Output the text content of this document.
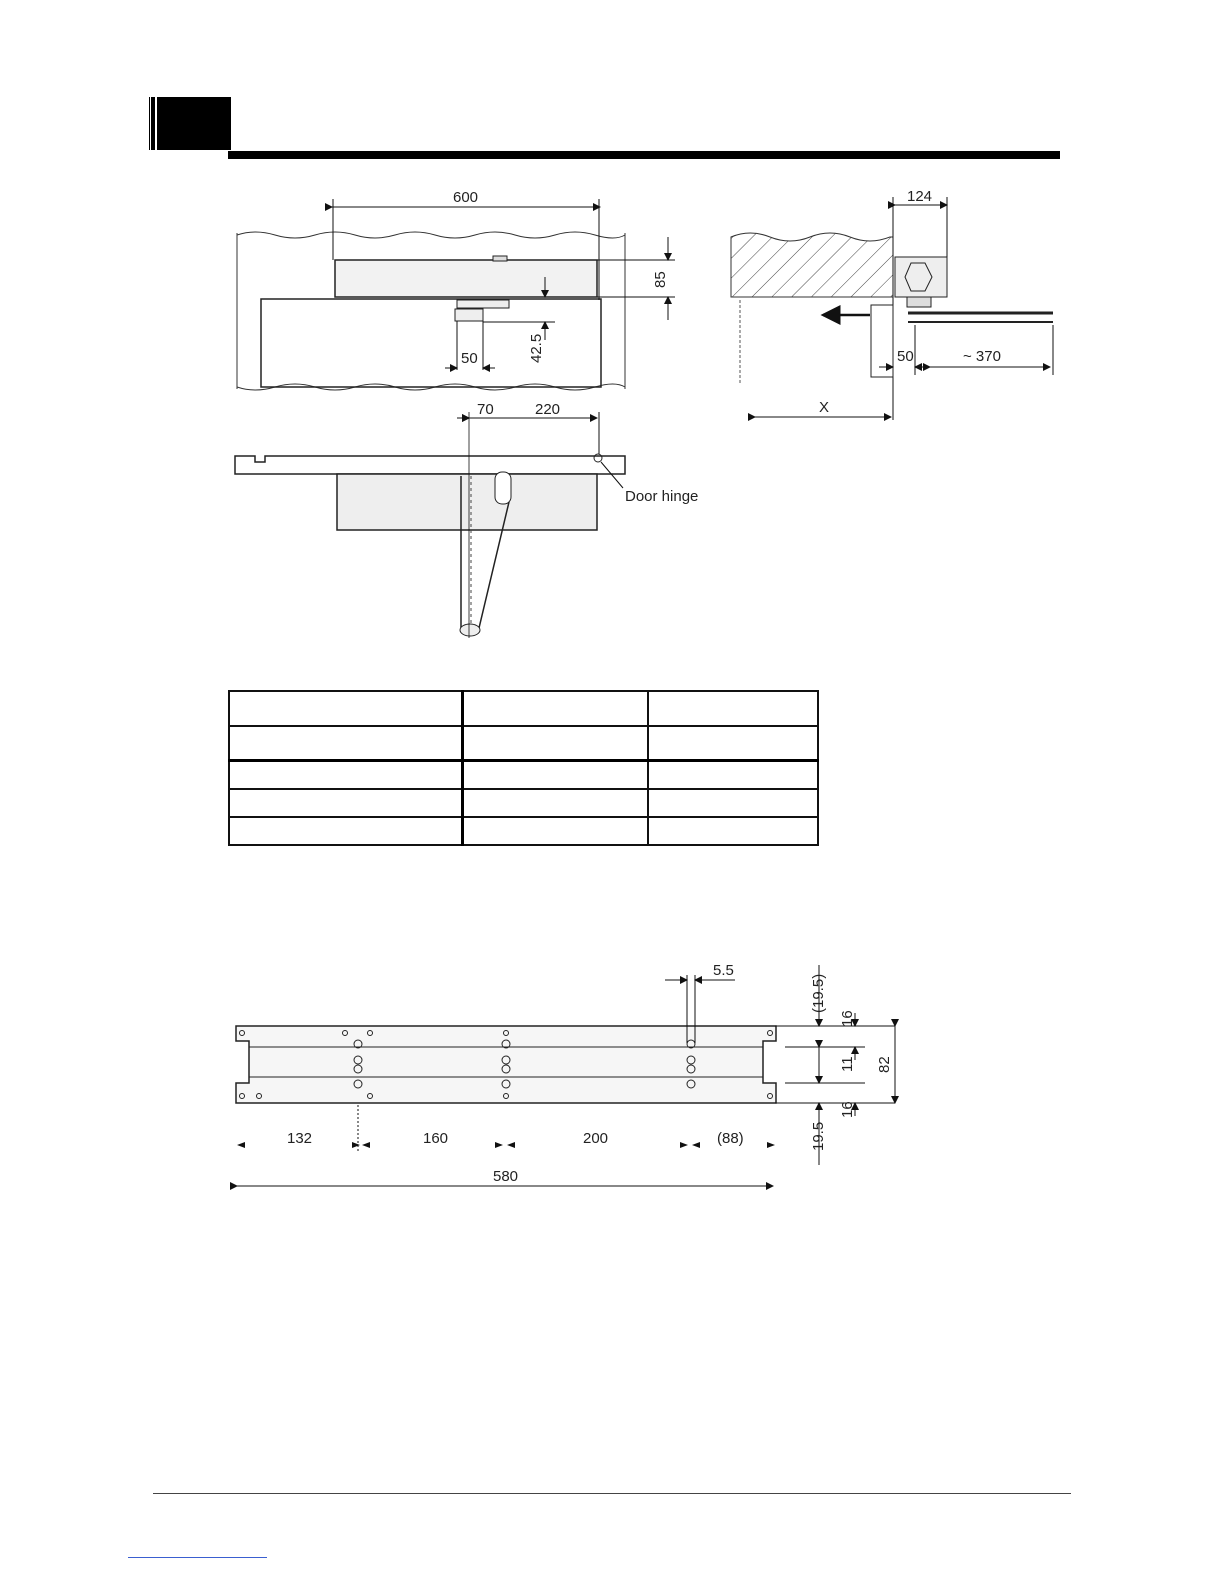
600
85
42.5
50
124
50	~ 370
X
70	220
Door hinge

5.5
(19.5)
19.5
16
11
16
82
132	160	200	(88)
580
